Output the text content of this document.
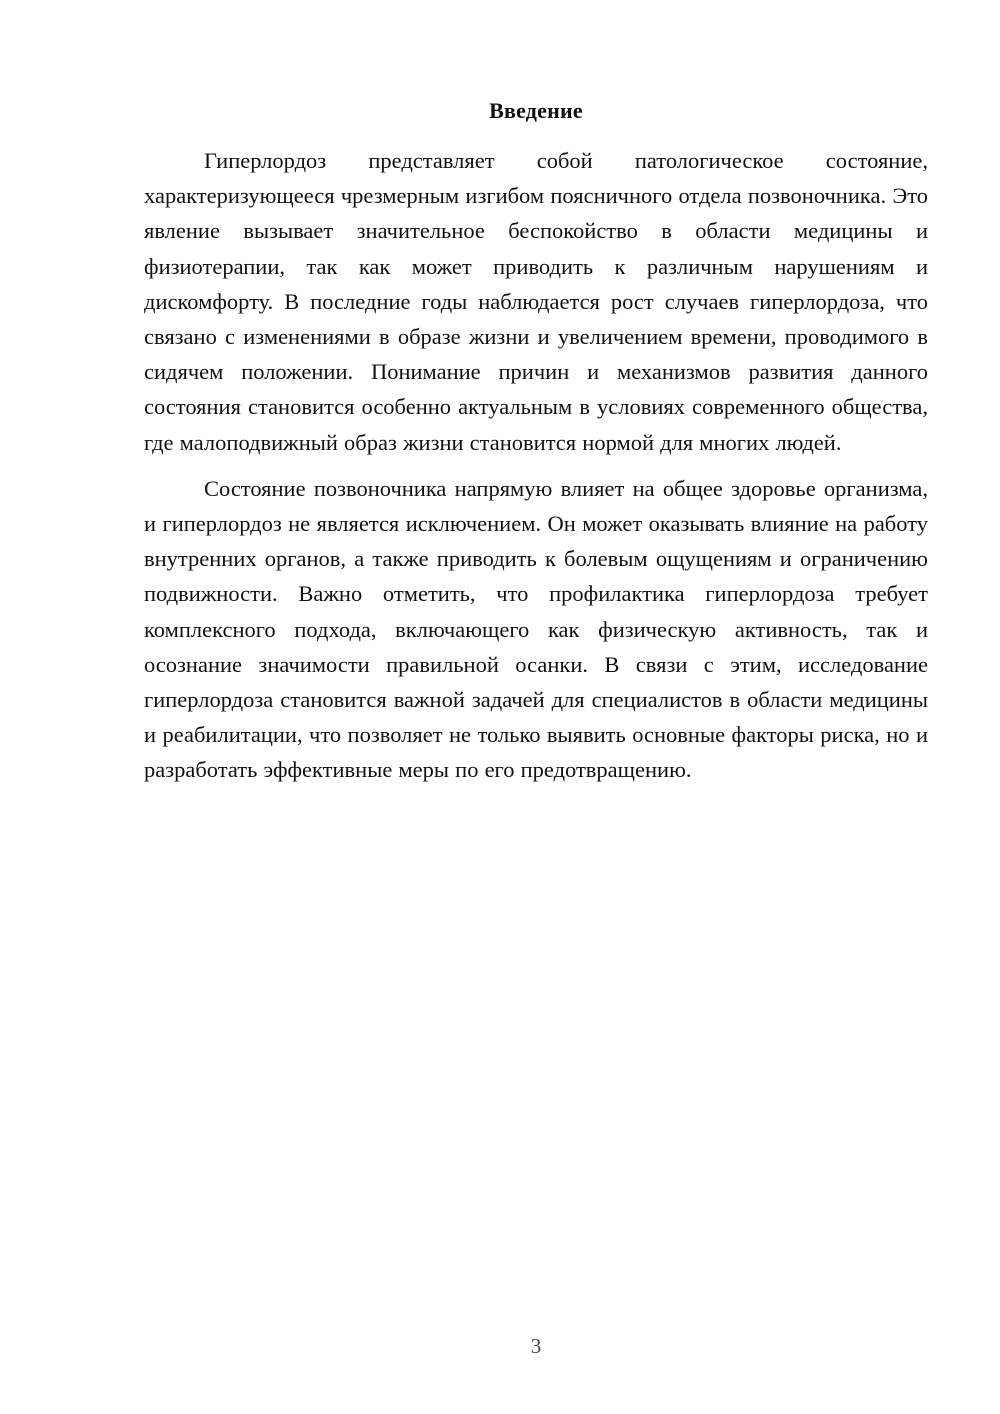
Введение

Гиперлордоз представляет собой патологическое состояние, характеризующееся чрезмерным изгибом поясничного отдела позвоночника. Это явление вызывает значительное беспокойство в области медицины и физиотерапии, так как может приводить к различным нарушениям и дискомфорту. В последние годы наблюдается рост случаев гиперлордоза, что связано с изменениями в образе жизни и увеличением времени, проводимого в сидячем положении. Понимание причин и механизмов развития данного состояния становится особенно актуальным в условиях современного общества, где малоподвижный образ жизни становится нормой для многих людей.

Состояние позвоночника напрямую влияет на общее здоровье организма, и гиперлордоз не является исключением. Он может оказывать влияние на работу внутренних органов, а также приводить к болевым ощущениям и ограничению подвижности. Важно отметить, что профилактика гиперлордоза требует комплексного подхода, включающего как физическую активность, так и осознание значимости правильной осанки. В связи с этим, исследование гиперлордоза становится важной задачей для специалистов в области медицины и реабилитации, что позволяет не только выявить основные факторы риска, но и разработать эффективные меры по его предотвращению.

3
